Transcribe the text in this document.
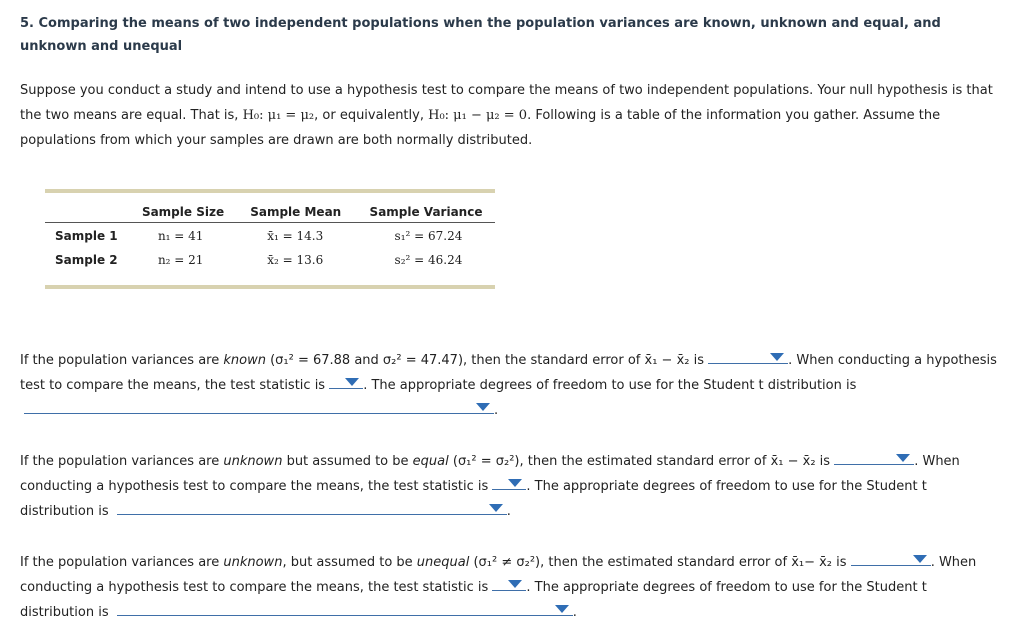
5. Comparing the means of two independent populations when the population variances are known, unknown and equal, and unknown and unequal
Suppose you conduct a study and intend to use a hypothesis test to compare the means of two independent populations. Your null hypothesis is that the two means are equal. That is, H₀: μ₁ = μ₂, or equivalently, H₀: μ₁ − μ₂ = 0. Following is a table of the information you gather. Assume the populations from which your samples are drawn are both normally distributed.
	Sample Size	Sample Mean	Sample Variance
Sample 1	n₁ = 41	x̄₁ = 14.3	s₁² = 67.24
Sample 2	n₂ = 21	x̄₂ = 13.6	s₂² = 46.24
If the population variances are known (σ₁² = 67.88 and σ₂² = 47.47), then the standard error of x̄₁ − x̄₂ is	. When conducting a hypothesis test to compare the means, the test statistic is	. The appropriate degrees of freedom to use for the Student t distribution is

.
If the population variances are unknown but assumed to be equal (σ₁² = σ₂²), then the estimated standard error of x̄₁ − x̄₂ is	. When conducting a hypothesis test to compare the means, the test statistic is	. The appropriate degrees of freedom to use for the Student t distribution is	.
If the population variances are unknown, but assumed to be unequal (σ₁² ≠ σ₂²), then the estimated standard error of x̄₁− x̄₂ is	. When conducting a hypothesis test to compare the means, the test statistic is	. The appropriate degrees of freedom to use for the Student t distribution is	.
